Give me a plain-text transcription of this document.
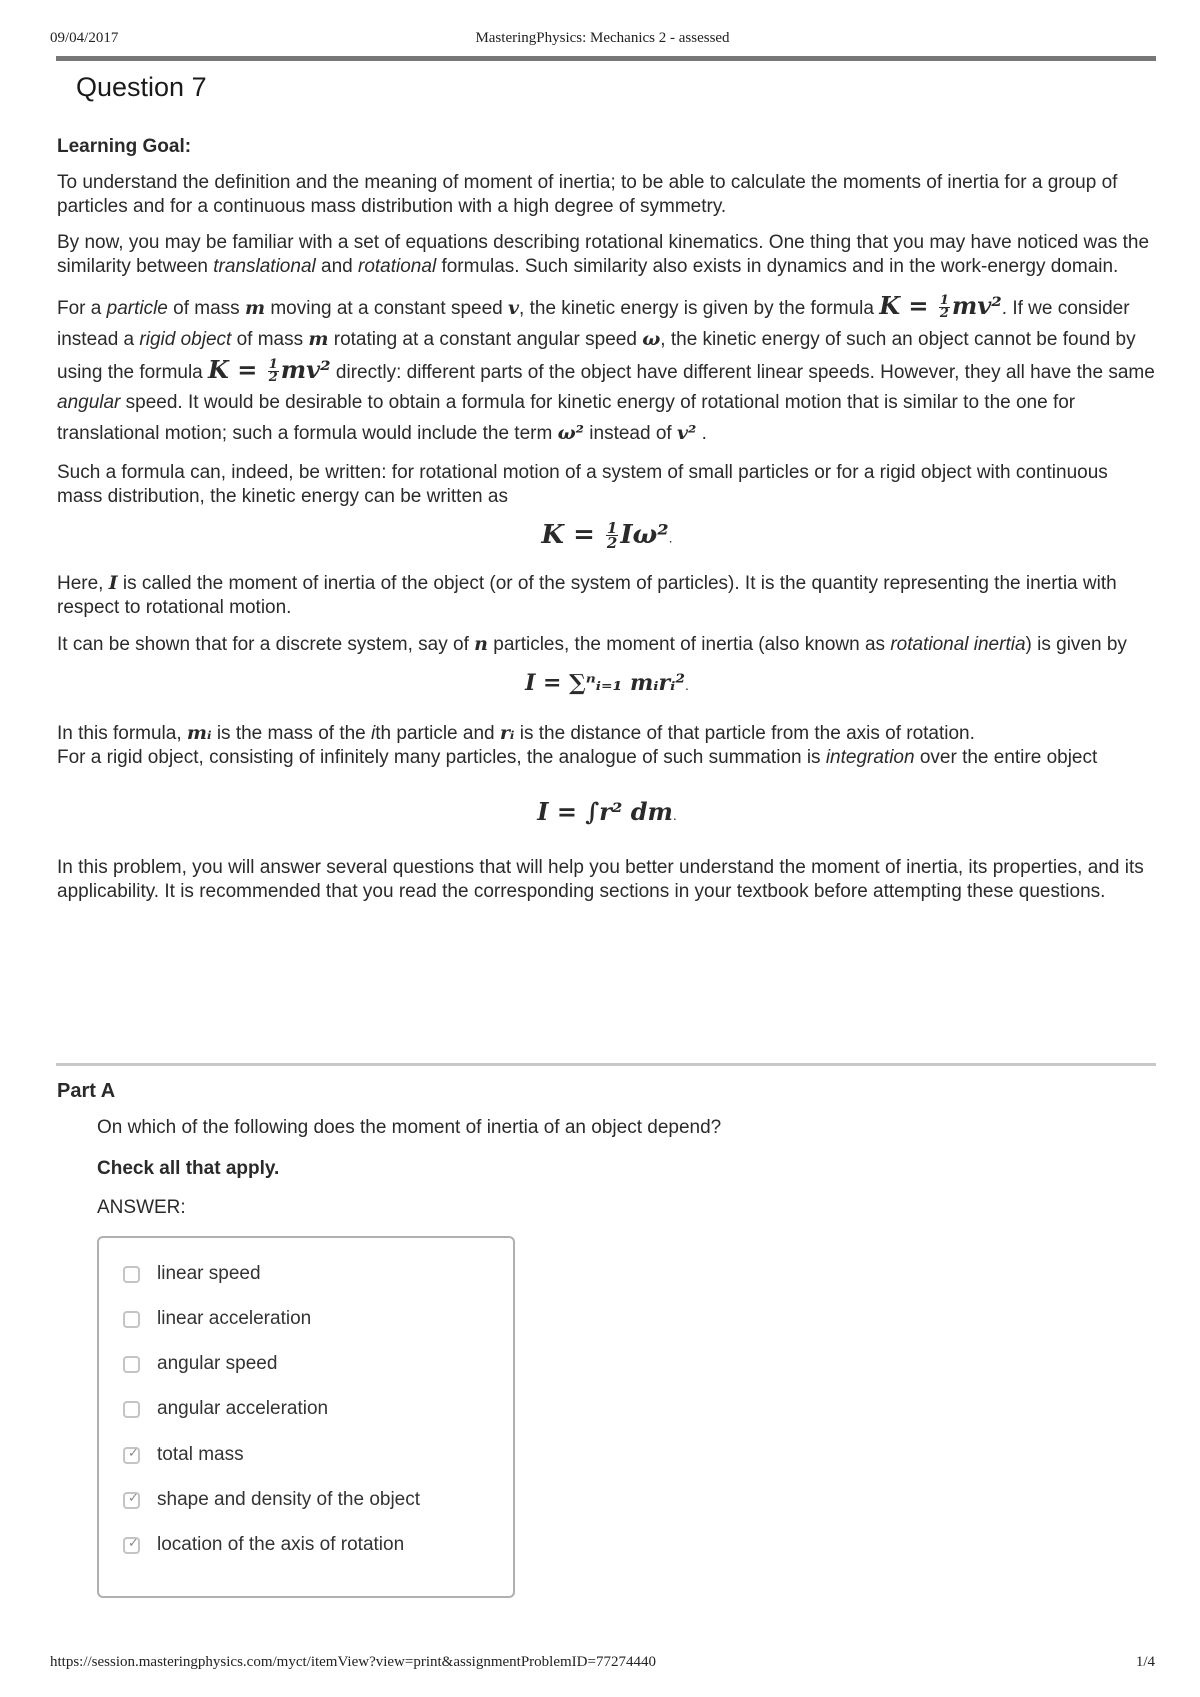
09/04/2017	MasteringPhysics: Mechanics 2 - assessed
Question 7

Learning Goal:

To understand the definition and the meaning of moment of inertia; to be able to calculate the moments of inertia for a group of particles and for a continuous mass distribution with a high degree of symmetry.

By now, you may be familiar with a set of equations describing rotational kinematics. One thing that you may have noticed was the similarity between translational and rotational formulas. Such similarity also exists in dynamics and in the work-energy domain.

For a particle of mass m moving at a constant speed v, the kinetic energy is given by the formula $K = \frac{1}{2} mv^2$. If we consider instead a rigid object of mass m rotating at a constant angular speed ω, the kinetic energy of such an object cannot be found by using the formula $K = \frac{1}{2} mv^2$ directly: different parts of the object have different linear speeds. However, they all have the same angular speed. It would be desirable to obtain a formula for kinetic energy of rotational motion that is similar to the one for translational motion; such a formula would include the term ω² instead of v² .

Such a formula can, indeed, be written: for rotational motion of a system of small particles or for a rigid object with continuous mass distribution, the kinetic energy can be written as

$K = \frac{1}{2} I\omega^2$.

Here, I is called the moment of inertia of the object (or of the system of particles). It is the quantity representing the inertia with respect to rotational motion.

It can be shown that for a discrete system, say of n particles, the moment of inertia (also known as rotational inertia) is given by

I = ∑ⁿᵢ₌₁ mᵢrᵢ².

In this formula, mᵢ is the mass of the ith particle and rᵢ is the distance of that particle from the axis of rotation.
For a rigid object, consisting of infinitely many particles, the analogue of such summation is integration over the entire object

I = ∫r² dm.

In this problem, you will answer several questions that will help you better understand the moment of inertia, its properties, and its applicability. It is recommended that you read the corresponding sections in your textbook before attempting these questions.

Part A
On which of the following does the moment of inertia of an object depend?
Check all that apply.
ANSWER:
linear speed
linear acceleration
angular speed
angular acceleration
✓ total mass
✓ shape and density of the object
✓ location of the axis of rotation
https://session.masteringphysics.com/myct/itemView?view=print&assignmentProblemID=77274440	1/4
